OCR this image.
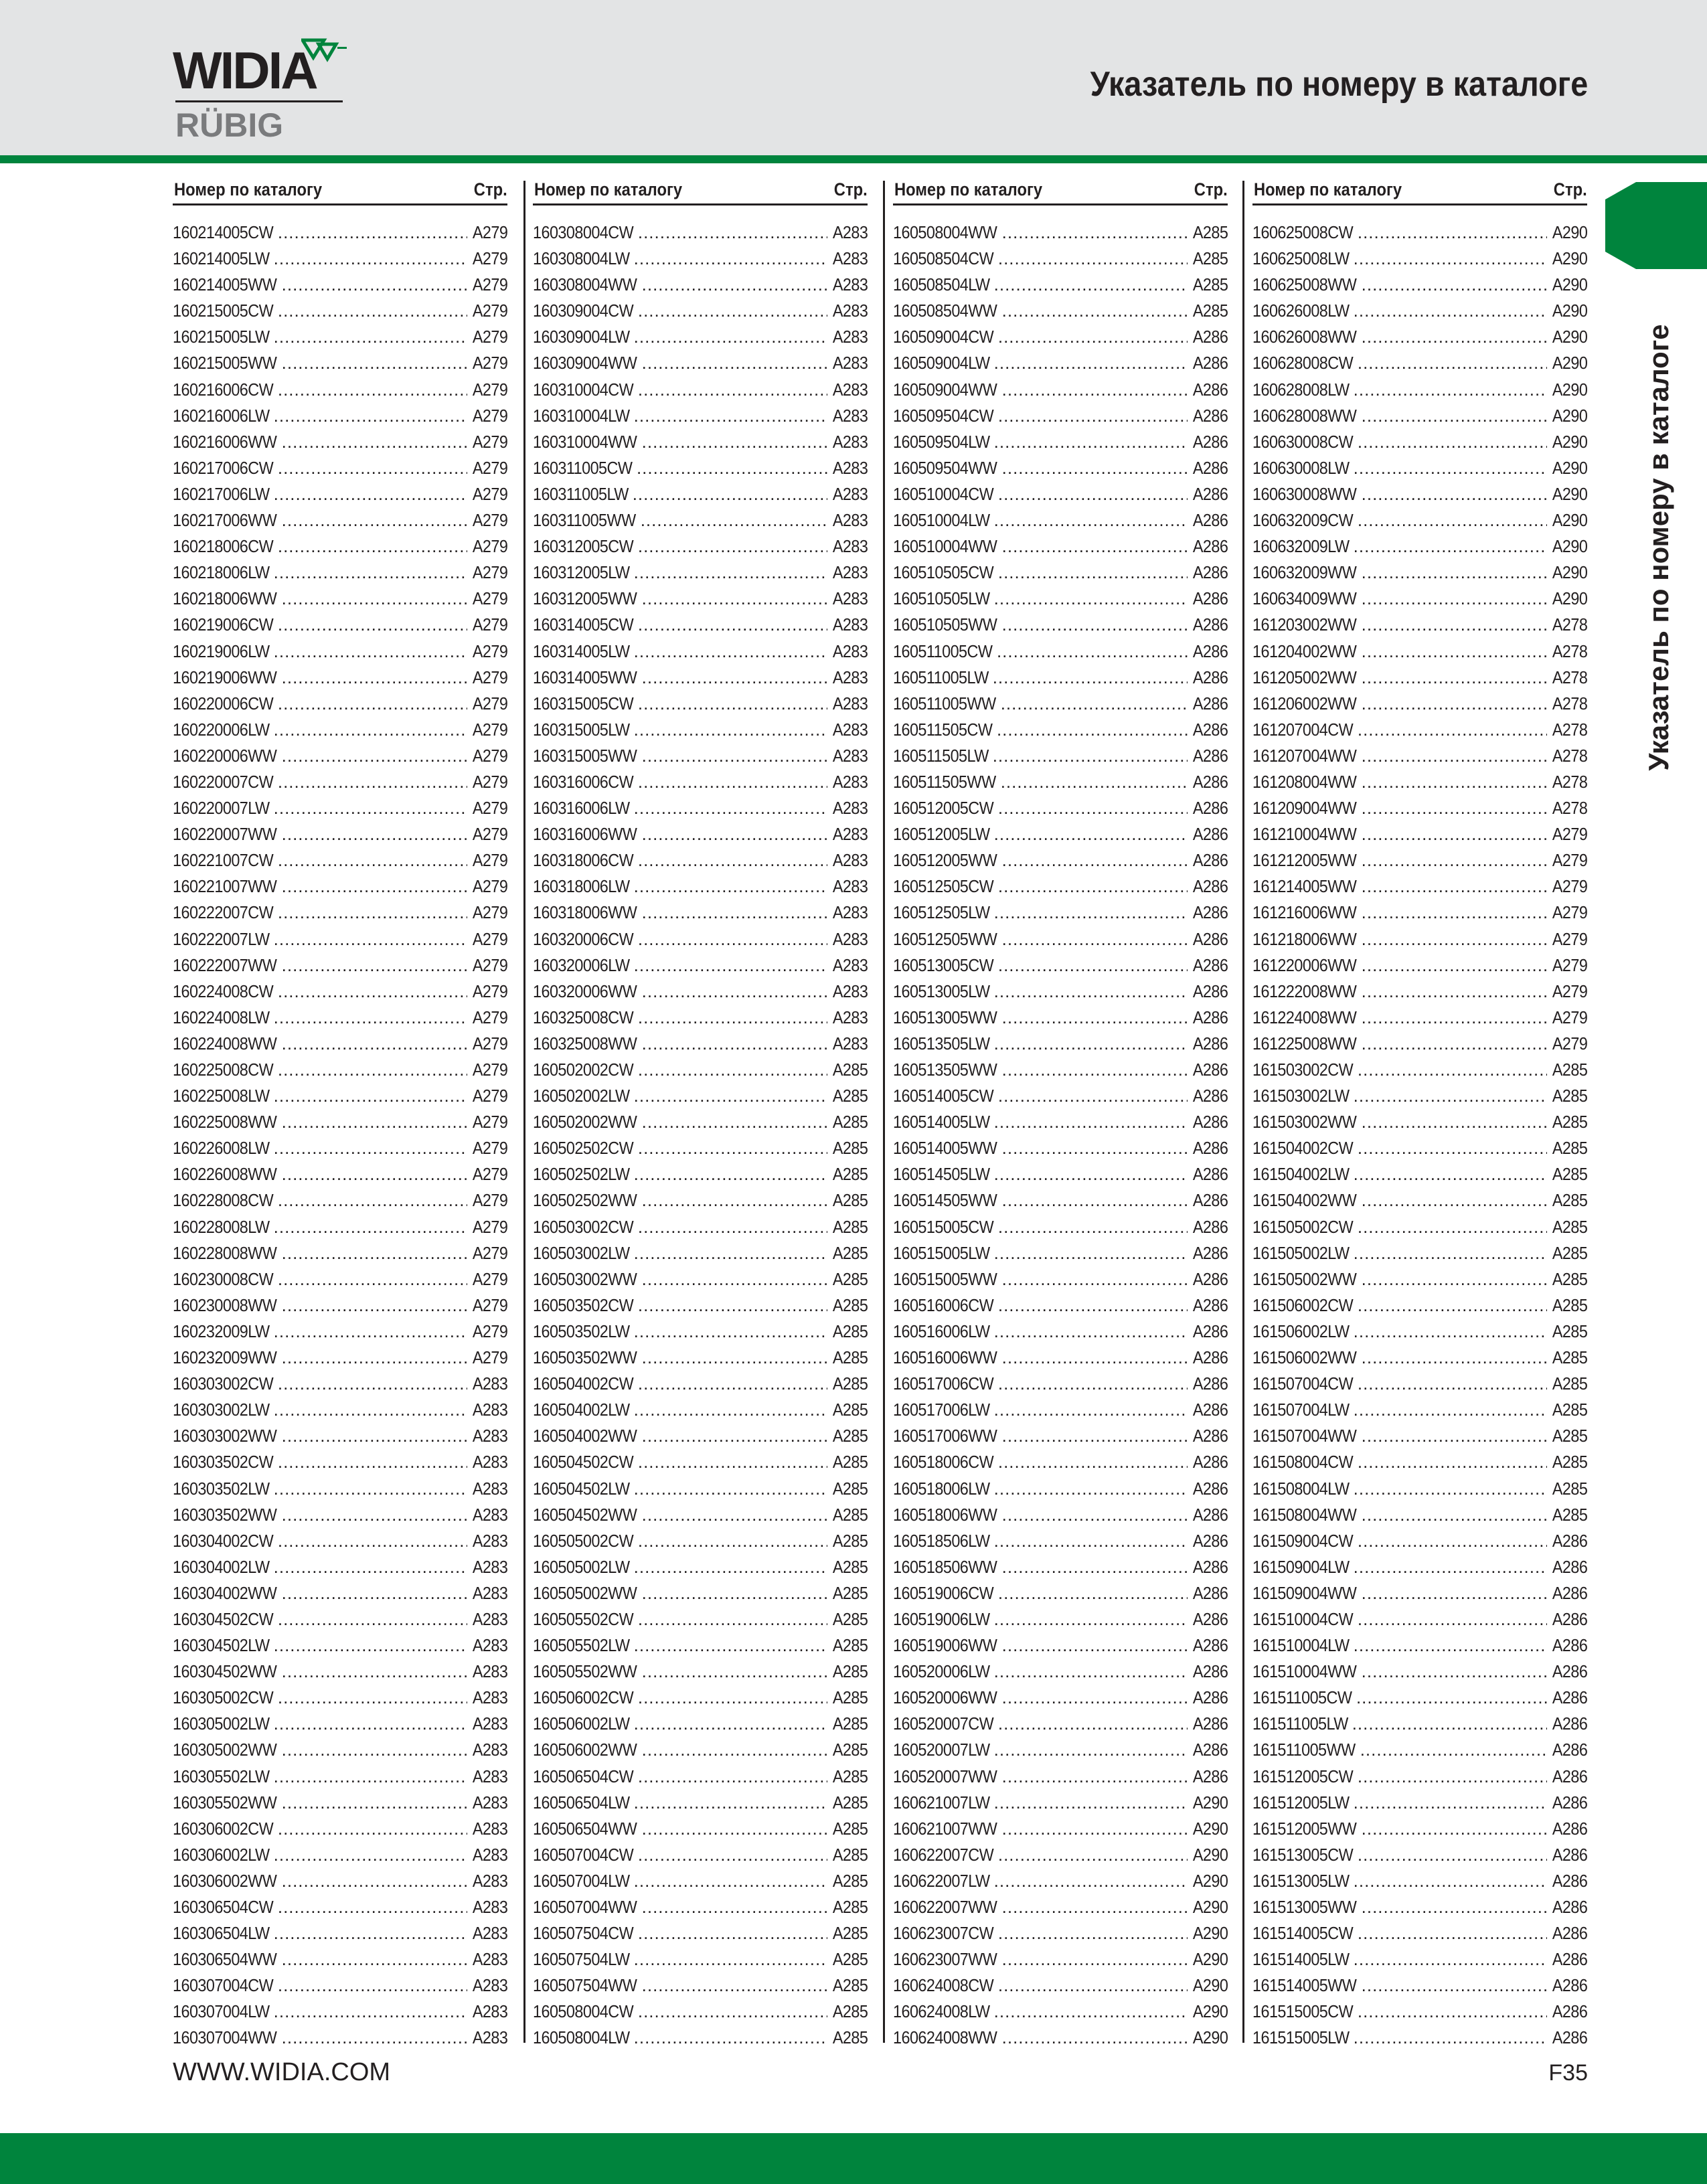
WIDIA
RÜBIG
Указатель по номеру в каталоге
Номер по каталогу	Стр.
160214005CW .....	A279
160214005LW .....	A279
160214005WW .....	A279
160215005CW .....	A279
160215005LW .....	A279
160215005WW .....	A279
160216006CW .....	A279
160216006LW .....	A279
160216006WW .....	A279
160217006CW .....	A279
160217006LW .....	A279
160217006WW .....	A279
160218006CW .....	A279
160218006LW .....	A279
160218006WW .....	A279
160219006CW .....	A279
160219006LW .....	A279
160219006WW .....	A279
160220006CW .....	A279
160220006LW .....	A279
160220006WW .....	A279
160220007CW .....	A279
160220007LW .....	A279
160220007WW .....	A279
160221007CW .....	A279
160221007WW .....	A279
160222007CW .....	A279
160222007LW .....	A279
160222007WW .....	A279
160224008CW .....	A279
160224008LW .....	A279
160224008WW .....	A279
160225008CW .....	A279
160225008LW .....	A279
160225008WW .....	A279
160226008LW .....	A279
160226008WW .....	A279
160228008CW .....	A279
160228008LW .....	A279
160228008WW .....	A279
160230008CW .....	A279
160230008WW .....	A279
160232009LW .....	A279
160232009WW .....	A279
160303002CW .....	A283
160303002LW .....	A283
160303002WW .....	A283
160303502CW .....	A283
160303502LW .....	A283
160303502WW .....	A283
160304002CW .....	A283
160304002LW .....	A283
160304002WW .....	A283
160304502CW .....	A283
160304502LW .....	A283
160304502WW .....	A283
160305002CW .....	A283
160305002LW .....	A283
160305002WW .....	A283
160305502LW .....	A283
160305502WW .....	A283
160306002CW .....	A283
160306002LW .....	A283
160306002WW .....	A283
160306504CW .....	A283
160306504LW .....	A283
160306504WW .....	A283
160307004CW .....	A283
160307004LW .....	A283
160307004WW .....	A283
Номер по каталогу	Стр.
160308004CW .....	A283
160308004LW .....	A283
160308004WW .....	A283
160309004CW .....	A283
160309004LW .....	A283
160309004WW .....	A283
160310004CW .....	A283
160310004LW .....	A283
160310004WW .....	A283
160311005CW .....	A283
160311005LW .....	A283
160311005WW .....	A283
160312005CW .....	A283
160312005LW .....	A283
160312005WW .....	A283
160314005CW .....	A283
160314005LW .....	A283
160314005WW .....	A283
160315005CW .....	A283
160315005LW .....	A283
160315005WW .....	A283
160316006CW .....	A283
160316006LW .....	A283
160316006WW .....	A283
160318006CW .....	A283
160318006LW .....	A283
160318006WW .....	A283
160320006CW .....	A283
160320006LW .....	A283
160320006WW .....	A283
160325008CW .....	A283
160325008WW .....	A283
160502002CW .....	A285
160502002LW .....	A285
160502002WW .....	A285
160502502CW .....	A285
160502502LW .....	A285
160502502WW .....	A285
160503002CW .....	A285
160503002LW .....	A285
160503002WW .....	A285
160503502CW .....	A285
160503502LW .....	A285
160503502WW .....	A285
160504002CW .....	A285
160504002LW .....	A285
160504002WW .....	A285
160504502CW .....	A285
160504502LW .....	A285
160504502WW .....	A285
160505002CW .....	A285
160505002LW .....	A285
160505002WW .....	A285
160505502CW .....	A285
160505502LW .....	A285
160505502WW .....	A285
160506002CW .....	A285
160506002LW .....	A285
160506002WW .....	A285
160506504CW .....	A285
160506504LW .....	A285
160506504WW .....	A285
160507004CW .....	A285
160507004LW .....	A285
160507004WW .....	A285
160507504CW .....	A285
160507504LW .....	A285
160507504WW .....	A285
160508004CW .....	A285
160508004LW .....	A285
Номер по каталогу	Стр.
160508004WW .....	A285
160508504CW .....	A285
160508504LW .....	A285
160508504WW .....	A285
160509004CW .....	A286
160509004LW .....	A286
160509004WW .....	A286
160509504CW .....	A286
160509504LW .....	A286
160509504WW .....	A286
160510004CW .....	A286
160510004LW .....	A286
160510004WW .....	A286
160510505CW .....	A286
160510505LW .....	A286
160510505WW .....	A286
160511005CW .....	A286
160511005LW .....	A286
160511005WW .....	A286
160511505CW .....	A286
160511505LW .....	A286
160511505WW .....	A286
160512005CW .....	A286
160512005LW .....	A286
160512005WW .....	A286
160512505CW .....	A286
160512505LW .....	A286
160512505WW .....	A286
160513005CW .....	A286
160513005LW .....	A286
160513005WW .....	A286
160513505LW .....	A286
160513505WW .....	A286
160514005CW .....	A286
160514005LW .....	A286
160514005WW .....	A286
160514505LW .....	A286
160514505WW .....	A286
160515005CW .....	A286
160515005LW .....	A286
160515005WW .....	A286
160516006CW .....	A286
160516006LW .....	A286
160516006WW .....	A286
160517006CW .....	A286
160517006LW .....	A286
160517006WW .....	A286
160518006CW .....	A286
160518006LW .....	A286
160518006WW .....	A286
160518506LW .....	A286
160518506WW .....	A286
160519006CW .....	A286
160519006LW .....	A286
160519006WW .....	A286
160520006LW .....	A286
160520006WW .....	A286
160520007CW .....	A286
160520007LW .....	A286
160520007WW .....	A286
160621007LW .....	A290
160621007WW .....	A290
160622007CW .....	A290
160622007LW .....	A290
160622007WW .....	A290
160623007CW .....	A290
160623007WW .....	A290
160624008CW .....	A290
160624008LW .....	A290
160624008WW .....	A290
Номер по каталогу	Стр.
160625008CW .....	A290
160625008LW .....	A290
160625008WW .....	A290
160626008LW .....	A290
160626008WW .....	A290
160628008CW .....	A290
160628008LW .....	A290
160628008WW .....	A290
160630008CW .....	A290
160630008LW .....	A290
160630008WW .....	A290
160632009CW .....	A290
160632009LW .....	A290
160632009WW .....	A290
160634009WW .....	A290
161203002WW .....	A278
161204002WW .....	A278
161205002WW .....	A278
161206002WW .....	A278
161207004CW .....	A278
161207004WW .....	A278
161208004WW .....	A278
161209004WW .....	A278
161210004WW .....	A279
161212005WW .....	A279
161214005WW .....	A279
161216006WW .....	A279
161218006WW .....	A279
161220006WW .....	A279
161222008WW .....	A279
161224008WW .....	A279
161225008WW .....	A279
161503002CW .....	A285
161503002LW .....	A285
161503002WW .....	A285
161504002CW .....	A285
161504002LW .....	A285
161504002WW .....	A285
161505002CW .....	A285
161505002LW .....	A285
161505002WW .....	A285
161506002CW .....	A285
161506002LW .....	A285
161506002WW .....	A285
161507004CW .....	A285
161507004LW .....	A285
161507004WW .....	A285
161508004CW .....	A285
161508004LW .....	A285
161508004WW .....	A285
161509004CW .....	A286
161509004LW .....	A286
161509004WW .....	A286
161510004CW .....	A286
161510004LW .....	A286
161510004WW .....	A286
161511005CW .....	A286
161511005LW .....	A286
161511005WW .....	A286
161512005CW .....	A286
161512005LW .....	A286
161512005WW .....	A286
161513005CW .....	A286
161513005LW .....	A286
161513005WW .....	A286
161514005CW .....	A286
161514005LW .....	A286
161514005WW .....	A286
161515005CW .....	A286
161515005LW .....	A286
Указатель по номеру в каталоге
WWW.WIDIA.COM	F35
